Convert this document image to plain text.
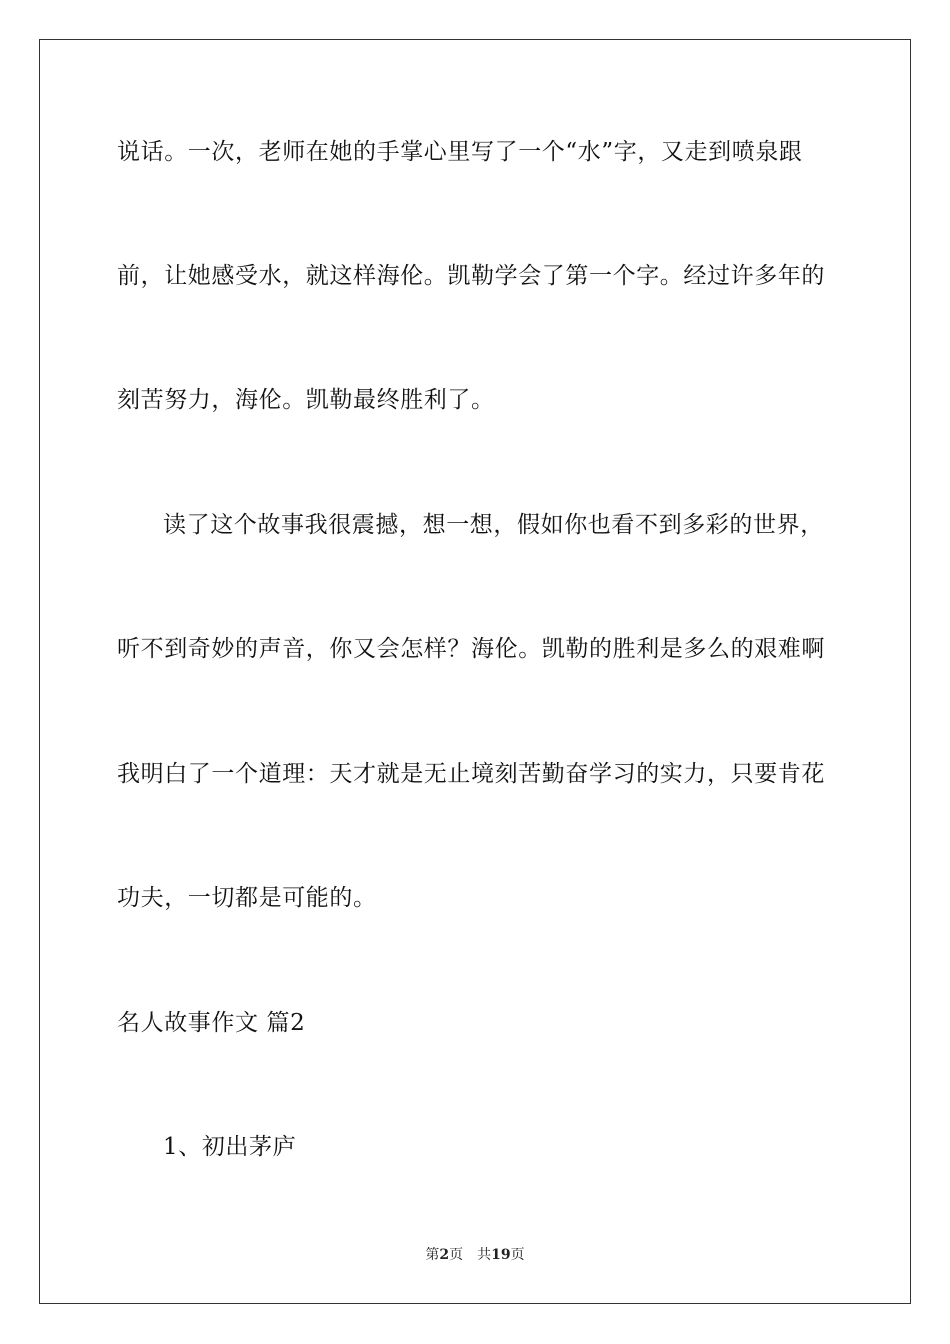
说话。一次，老师在她的手掌心里写了一个“水”字，又走到喷泉跟
前，让她感受水，就这样海伦。凯勒学会了第一个字。经过许多年的
刻苦努力，海伦。凯勒最终胜利了。
读了这个故事我很震撼，想一想，假如你也看不到多彩的世界，
听不到奇妙的声音，你又会怎样？海伦。凯勒的胜利是多么的艰难啊
我明白了一个道理：天才就是无止境刻苦勤奋学习的实力，只要肯花
功夫，一切都是可能的。
名人故事作文 篇2
1、初出茅庐
第2页 共19页
